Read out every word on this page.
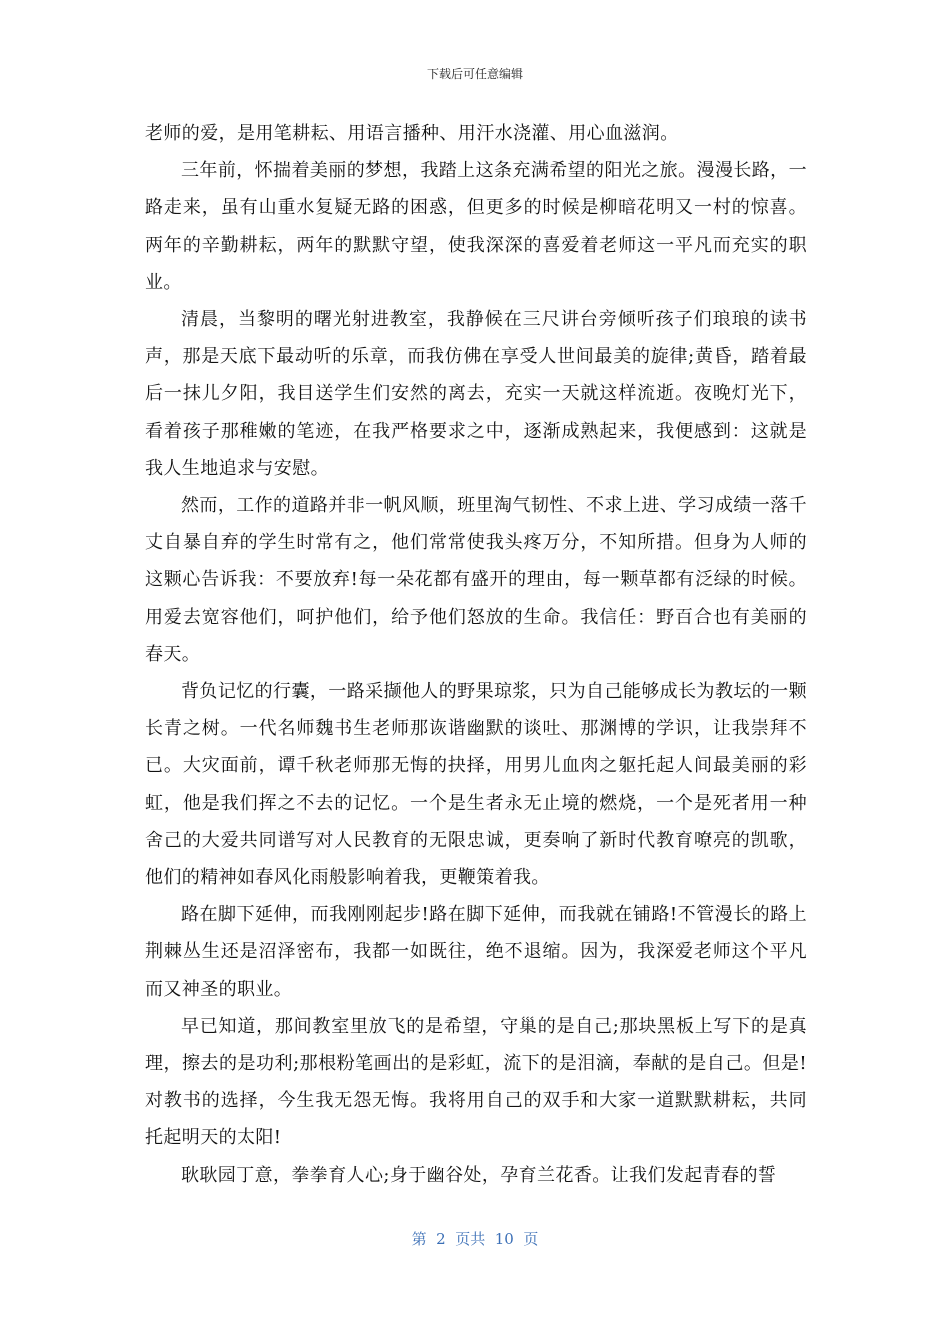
下载后可任意编辑

老师的爱，是用笔耕耘、用语言播种、用汗水浇灌、用心血滋润。

三年前，怀揣着美丽的梦想，我踏上这条充满希望的阳光之旅。漫漫长路，一路走来，虽有山重水复疑无路的困惑，但更多的时候是柳暗花明又一村的惊喜。两年的辛勤耕耘，两年的默默守望，使我深深的喜爱着老师这一平凡而充实的职业。

清晨，当黎明的曙光射进教室，我静候在三尺讲台旁倾听孩子们琅琅的读书声，那是天底下最动听的乐章，而我仿佛在享受人世间最美的旋律;黄昏，踏着最后一抹儿夕阳，我目送学生们安然的离去，充实一天就这样流逝。夜晚灯光下，看着孩子那稚嫩的笔迹，在我严格要求之中，逐渐成熟起来，我便感到：这就是我人生地追求与安慰。

然而，工作的道路并非一帆风顺，班里淘气韧性、不求上进、学习成绩一落千丈自暴自弃的学生时常有之，他们常常使我头疼万分，不知所措。但身为人师的这颗心告诉我：不要放弃!每一朵花都有盛开的理由，每一颗草都有泛绿的时候。用爱去宽容他们，呵护他们，给予他们怒放的生命。我信任：野百合也有美丽的春天。

背负记忆的行囊，一路采撷他人的野果琼浆，只为自己能够成长为教坛的一颗长青之树。一代名师魏书生老师那诙谐幽默的谈吐、那渊博的学识，让我崇拜不已。大灾面前，谭千秋老师那无悔的抉择，用男儿血肉之躯托起人间最美丽的彩虹，他是我们挥之不去的记忆。一个是生者永无止境的燃烧，一个是死者用一种舍己的大爱共同谱写对人民教育的无限忠诚，更奏响了新时代教育嘹亮的凯歌，他们的精神如春风化雨般影响着我，更鞭策着我。

路在脚下延伸，而我刚刚起步!路在脚下延伸，而我就在铺路!不管漫长的路上荆棘丛生还是沼泽密布，我都一如既往，绝不退缩。因为，我深爱老师这个平凡而又神圣的职业。

早已知道，那间教室里放飞的是希望，守巢的是自己;那块黑板上写下的是真理，擦去的是功利;那根粉笔画出的是彩虹，流下的是泪滴，奉献的是自己。但是!对教书的选择，今生我无怨无悔。我将用自己的双手和大家一道默默耕耘，共同托起明天的太阳!

耿耿园丁意，拳拳育人心;身于幽谷处，孕育兰花香。让我们发起青春的誓

第  2  页共  10  页
